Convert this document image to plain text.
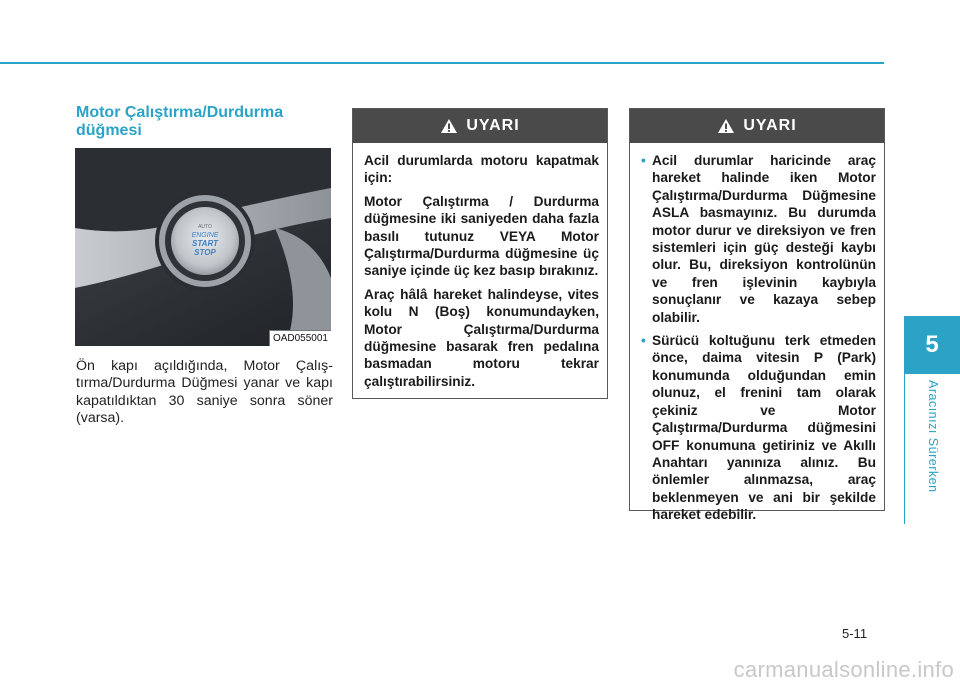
5
Aracınızı Sürerken
Motor Çalıştırma/Durdurma düğmesi
AUTO
ENGINE
START
STOP
OAD055001

Ön kapı açıldığında, Motor Çalıştırma/Durdurma Düğmesi yanar ve kapı kapatıldıktan 30 saniye sonra söner (varsa).

UYARI

Acil durumlarda motoru kapatmak için:

Motor Çalıştırma / Durdurma düğmesine iki saniyeden daha fazla basılı tutunuz VEYA Motor Çalıştırma/Durdurma düğmesine üç saniye içinde üç kez basıp bırakınız.

Araç hâlâ hareket halindeyse, vites kolu N (Boş) konumundayken, Motor Çalıştırma/Durdurma düğmesine basarak fren pedalına basmadan motoru tekrar çalıştırabilirsiniz.

UYARI
• Acil durumlar haricinde araç hareket halinde iken Motor Çalıştırma/Durdurma Düğmesine ASLA basmayınız. Bu durumda motor durur ve direksiyon ve fren sistemleri için güç desteği kaybı olur. Bu, direksiyon kontrolünün ve fren işlevinin kaybıyla sonuçlanır ve kazaya sebep olabilir.
• Sürücü koltuğunu terk etmeden önce, daima vitesin P (Park) konumunda olduğundan emin olunuz, el frenini tam olarak çekiniz ve Motor Çalıştırma/Durdurma düğmesini OFF konumuna getiriniz ve Akıllı Anahtarı yanınıza alınız. Bu önlemler alınmazsa, araç beklenmeyen ve ani bir şekilde hareket edebilir.
5-11
carmanualsonline.info
